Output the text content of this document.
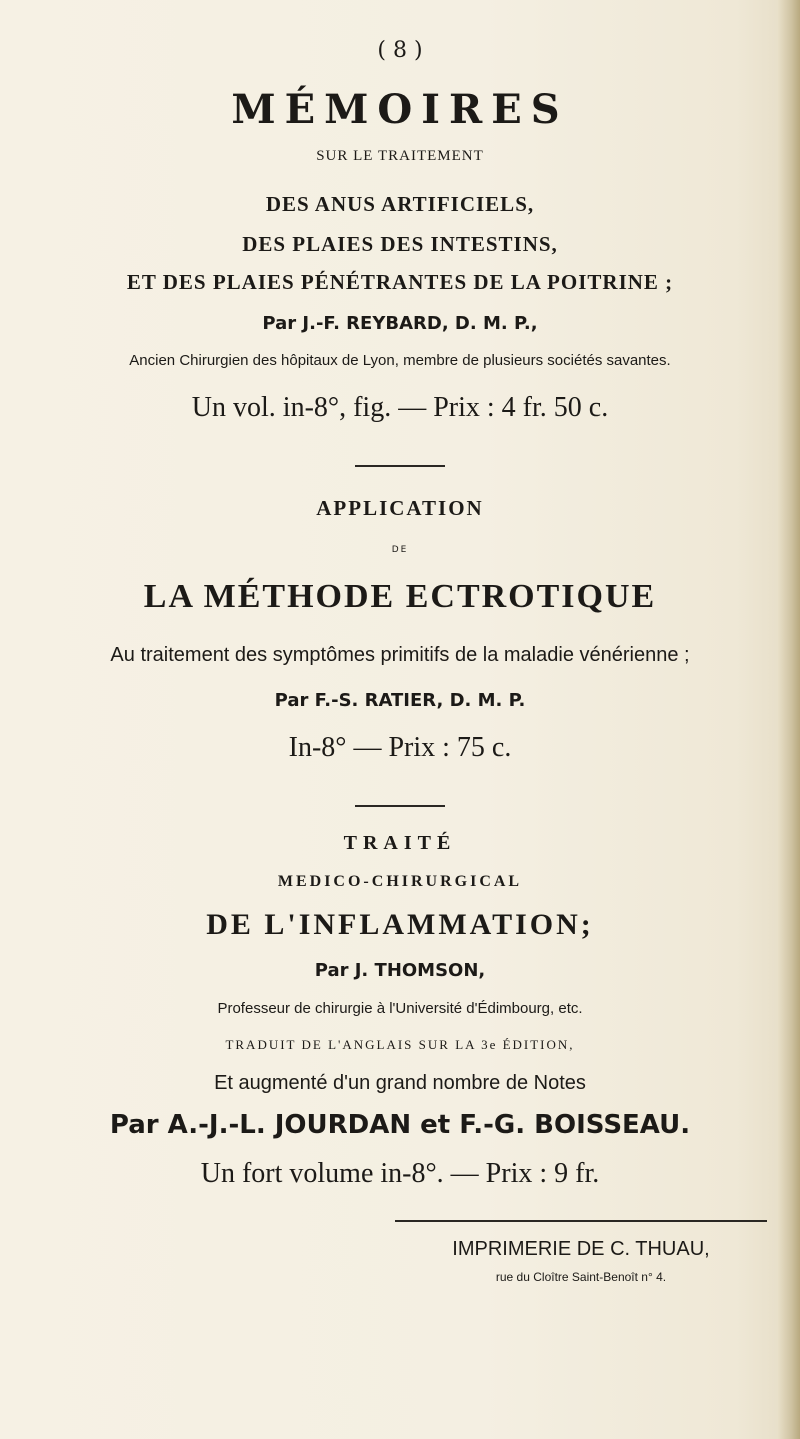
( 8 )

MÉMOIRES

SUR LE TRAITEMENT

DES ANUS ARTIFICIELS,

DES PLAIES DES INTESTINS,

ET DES PLAIES PÉNÉTRANTES DE LA POITRINE ;

Par J.-F. REYBARD, D. M. P.,

Ancien Chirurgien des hôpitaux de Lyon, membre de plusieurs sociétés savantes.

Un vol. in-8°, fig. — Prix : 4 fr. 50 c.

APPLICATION

DE

LA MÉTHODE ECTROTIQUE

Au traitement des symptômes primitifs de la maladie vénérienne ;

Par F.-S. RATIER, D. M. P.

In-8° — Prix : 75 c.

TRAITÉ

MEDICO-CHIRURGICAL

DE L'INFLAMMATION;

Par J. THOMSON,

Professeur de chirurgie à l'Université d'Édimbourg, etc.

TRADUIT DE L'ANGLAIS SUR LA 3e ÉDITION,

Et augmenté d'un grand nombre de Notes

Par A.-J.-L. JOURDAN et F.-G. BOISSEAU.

Un fort volume in-8°. — Prix : 9 fr.

IMPRIMERIE DE C. THUAU,

rue du Cloître Saint-Benoît n° 4.
